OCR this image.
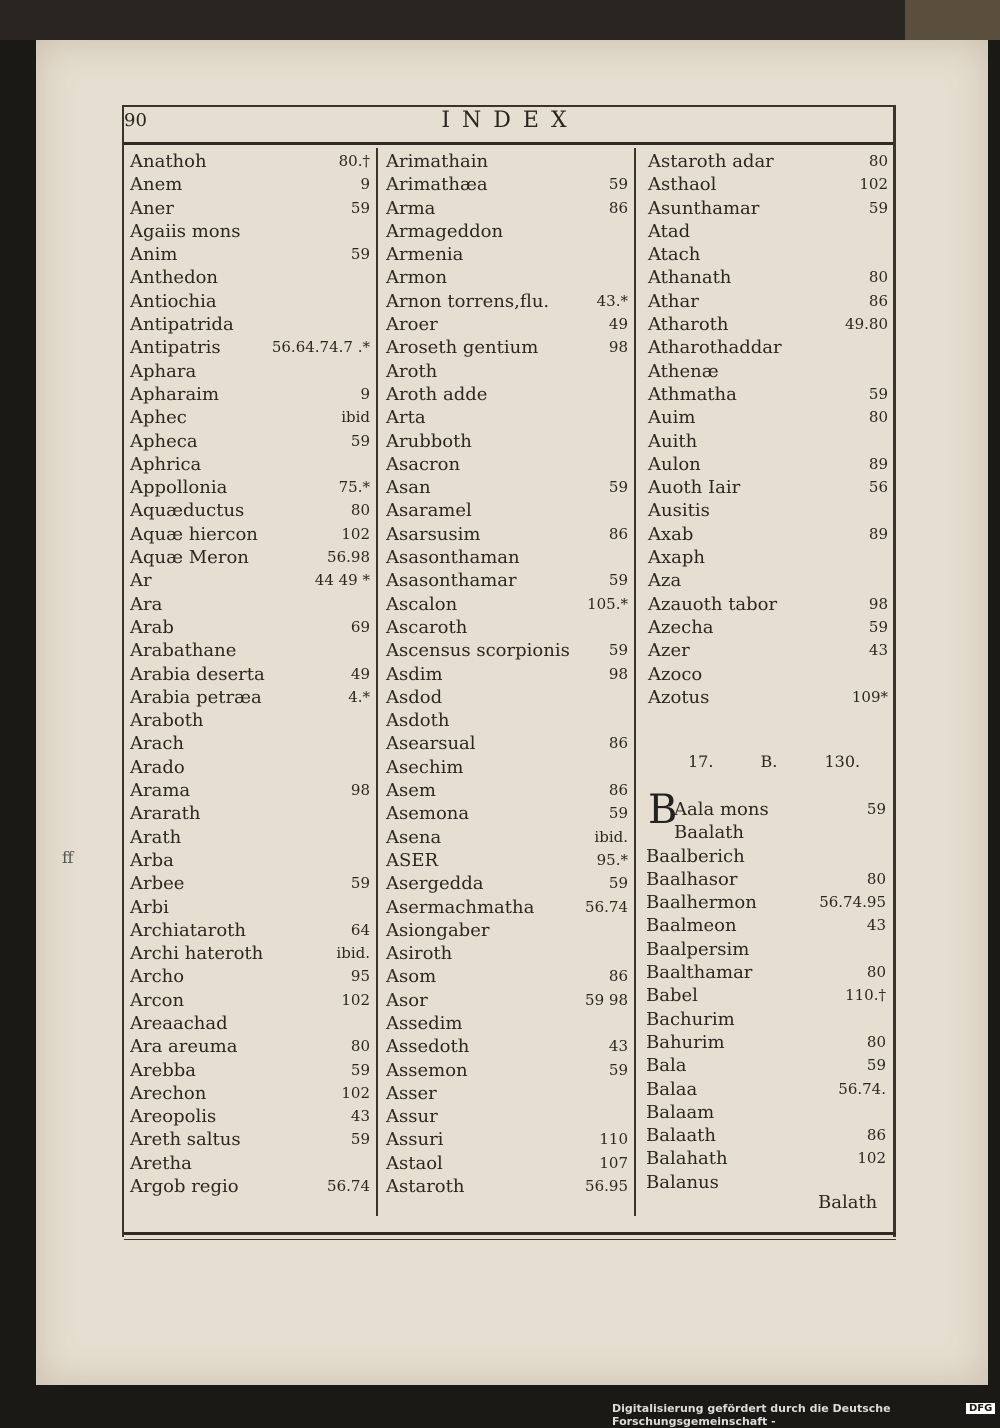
90	INDEX
Anathoh	80.†
Anem	9
Aner	59
Agaiis mons
Anim	59
Anthedon
Antiochia
Antipatrida
Antipatris	56.64.74.7 .*
Aphara
Apharaim	9
Aphec	ibid
Apheca	59
Aphrica
Appollonia	75.*
Aquæductus	80
Aquæ hiercon	102
Aquæ Meron	56.98
Ar	44 49 *
Ara
Arab	69
Arabathane
Arabia deserta	49
Arabia petræa	4.*
Araboth
Arach
Arado
Arama	98
Ararath
Arath
Arba
Arbee	59
Arbi
Archiataroth	64
Archi hateroth	ibid.
Archo	95
Arcon	102
Areaachad
Ara areuma	80
Arebba	59
Arechon	102
Areopolis	43
Areth saltus	59
Aretha
Argob regio	56.74
Arimathain
Arimathæa	59
Arma	86
Armageddon
Armenia
Armon
Arnon torrens,flu.	43.*
Aroer	49
Aroseth gentium	98
Aroth
Aroth adde
Arta
Arubboth
Asacron
Asan	59
Asaramel
Asarsusim	86
Asasonthaman
Asasonthamar	59
Ascalon	105.*
Ascaroth
Ascensus scorpionis	59
Asdim	98
Asdod
Asdoth
Asearsual	86
Asechim
Asem	86
Asemona	59
Asena	ibid.
ASER	95.*
Asergedda	59
Asermachmatha	56.74
Asiongaber
Asiroth
Asom	86
Asor	59 98
Assedim
Assedoth	43
Assemon	59
Asser
Assur
Assuri	110
Astaol	107
Astaroth	56.95
Astaroth adar	80
Asthaol	102
Asunthamar	59
Atad
Atach
Athanath	80
Athar	86
Atharoth	49.80
Atharothaddar
Athenæ
Athmatha	59
Auim	80
Auith
Aulon	89
Auoth Iair	56
Ausitis
Axab	89
Axaph
Aza
Azauoth tabor	98
Azecha	59
Azer	43
Azoco
Azotus	109*
17.	B.	130.
B
Aala mons	59
Baalath
Baalberich
Baalhasor	80
Baalhermon	56.74.95
Baalmeon	43
Baalpersim
Baalthamar	80
Babel	110.†
Bachurim
Bahurim	80
Bala	59
Balaa	56.74.
Balaam
Balaath	86
Balahath	102
Balanus
Balath
ff
Digitalisierung gefördert durch die Deutsche Forschungsgemeinschaft -
DFG
